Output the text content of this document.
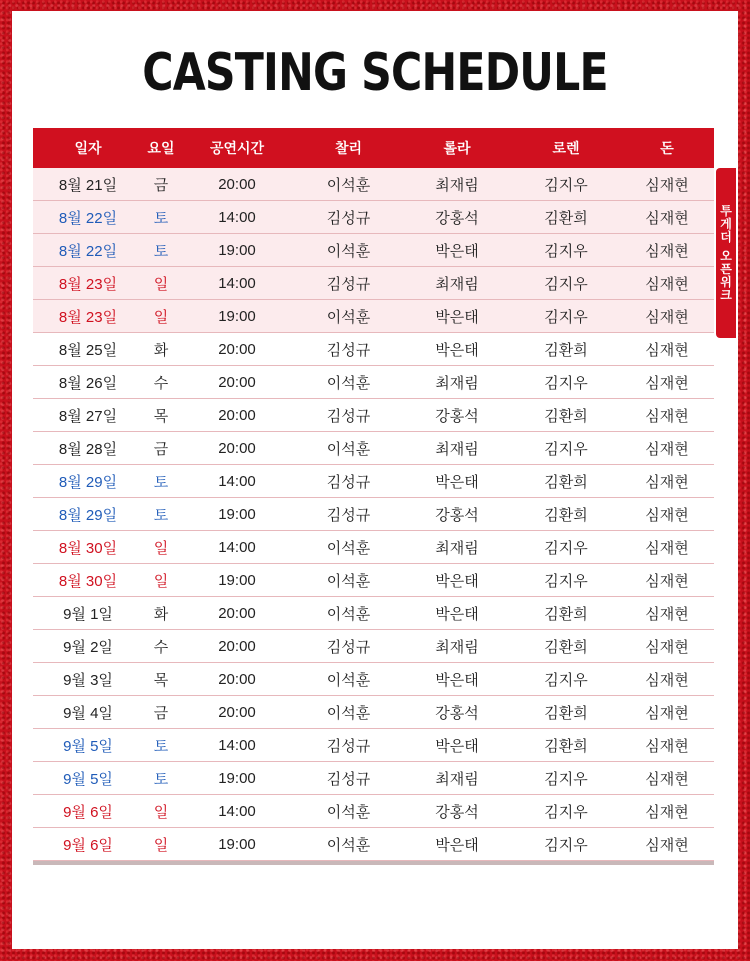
CASTING SCHEDULE
일자	요일	공연시간	찰리	롤라	로렌	돈
8월 21일	금	20:00	이석훈	최재림	김지우	심재현
8월 22일	토	14:00	김성규	강홍석	김환희	심재현
8월 22일	토	19:00	이석훈	박은태	김지우	심재현
8월 23일	일	14:00	김성규	최재림	김지우	심재현
8월 23일	일	19:00	이석훈	박은태	김지우	심재현
8월 25일	화	20:00	김성규	박은태	김환희	심재현
8월 26일	수	20:00	이석훈	최재림	김지우	심재현
8월 27일	목	20:00	김성규	강홍석	김환희	심재현
8월 28일	금	20:00	이석훈	최재림	김지우	심재현
8월 29일	토	14:00	김성규	박은태	김환희	심재현
8월 29일	토	19:00	김성규	강홍석	김환희	심재현
8월 30일	일	14:00	이석훈	최재림	김지우	심재현
8월 30일	일	19:00	이석훈	박은태	김지우	심재현
9월 1일	화	20:00	이석훈	박은태	김환희	심재현
9월 2일	수	20:00	김성규	최재림	김환희	심재현
9월 3일	목	20:00	이석훈	박은태	김지우	심재현
9월 4일	금	20:00	이석훈	강홍석	김환희	심재현
9월 5일	토	14:00	김성규	박은태	김환희	심재현
9월 5일	토	19:00	김성규	최재림	김지우	심재현
9월 6일	일	14:00	이석훈	강홍석	김지우	심재현
9월 6일	일	19:00	이석훈	박은태	김지우	심재현
투
게
더

오
픈
위
크
